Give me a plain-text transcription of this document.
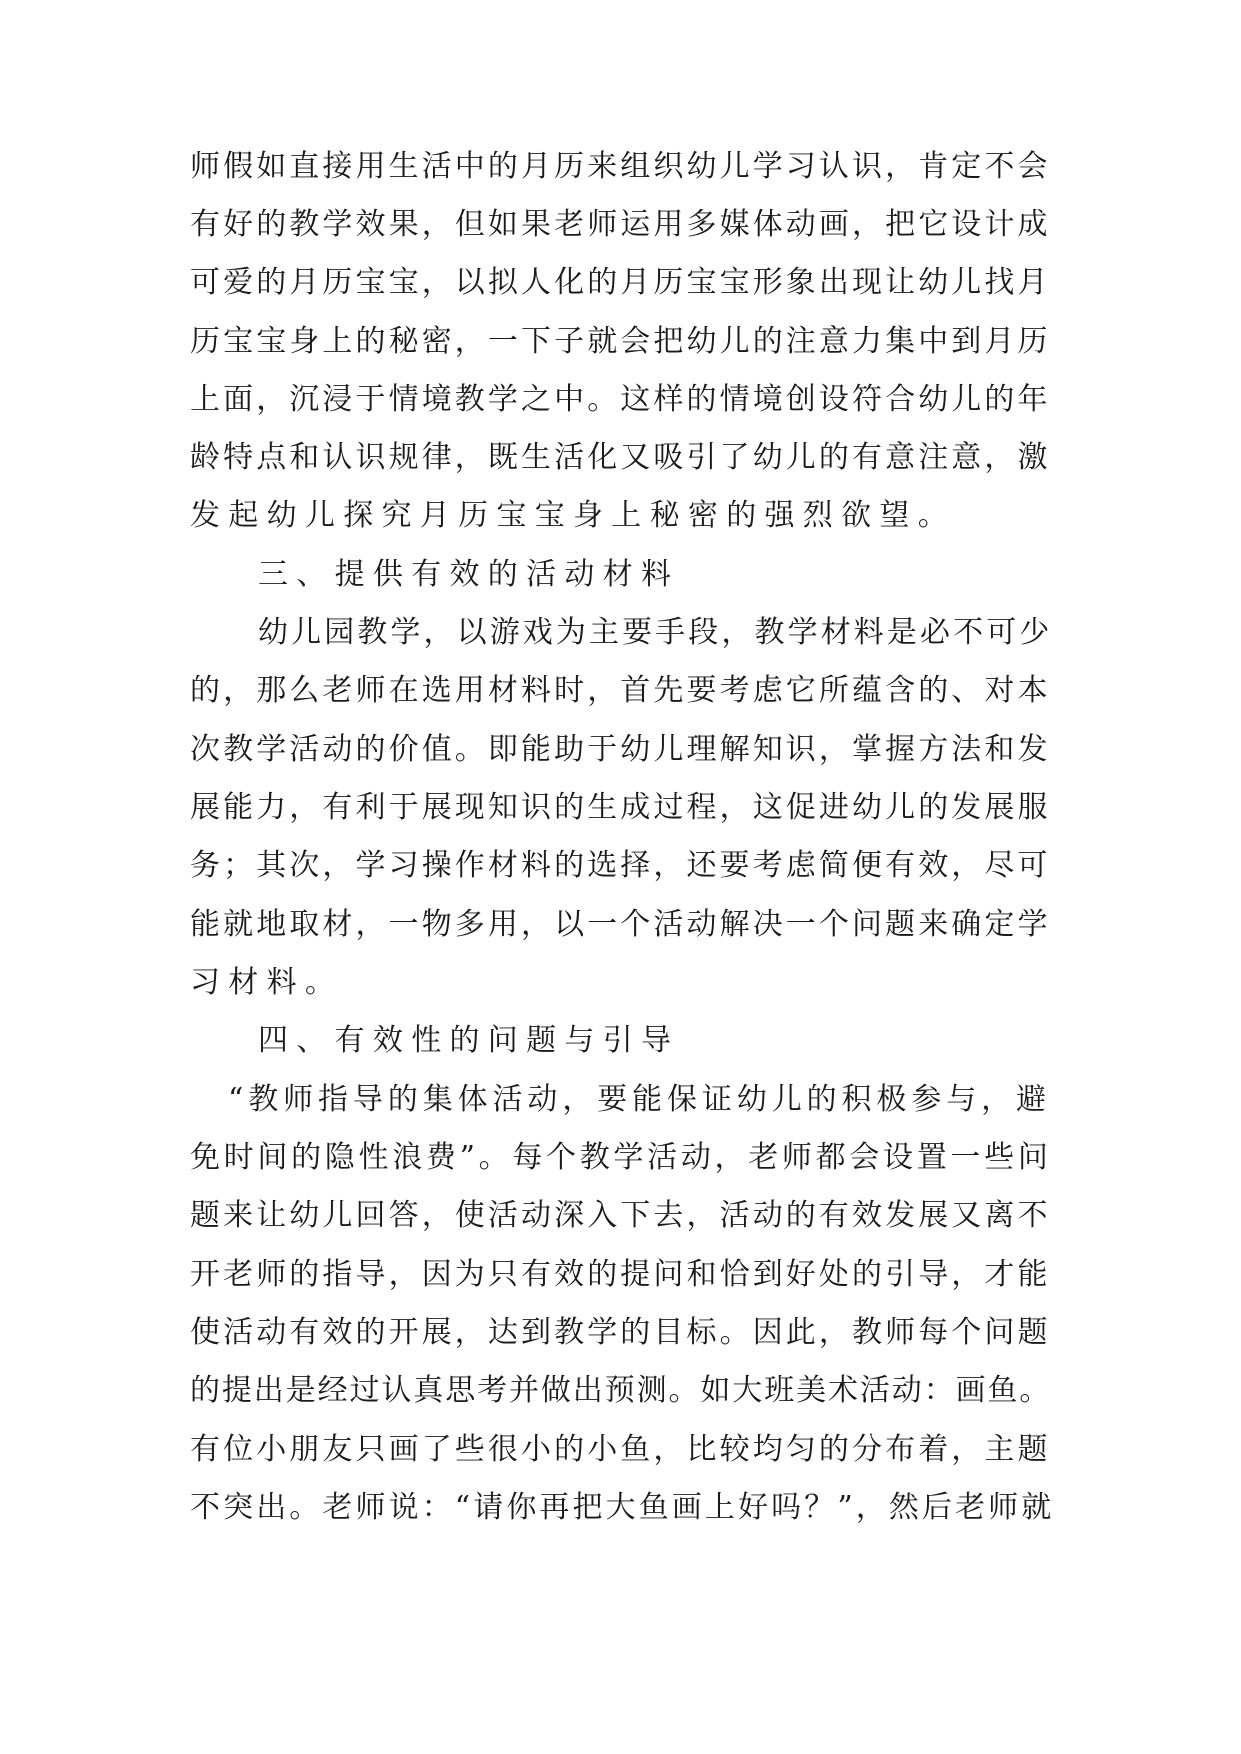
师假如直接用生活中的月历来组织幼儿学习认识，肯定不会
有好的教学效果，但如果老师运用多媒体动画，把它设计成
可爱的月历宝宝，以拟人化的月历宝宝形象出现让幼儿找月
历宝宝身上的秘密，一下子就会把幼儿的注意力集中到月历
上面，沉浸于情境教学之中。这样的情境创设符合幼儿的年
龄特点和认识规律，既生活化又吸引了幼儿的有意注意，激
发起幼儿探究月历宝宝身上秘密的强烈欲望。
三、提供有效的活动材料
幼儿园教学，以游戏为主要手段，教学材料是必不可少
的，那么老师在选用材料时，首先要考虑它所蕴含的、对本
次教学活动的价值。即能助于幼儿理解知识，掌握方法和发
展能力，有利于展现知识的生成过程，这促进幼儿的发展服
务；其次，学习操作材料的选择，还要考虑简便有效，尽可
能就地取材，一物多用，以一个活动解决一个问题来确定学
习材料。
四、有效性的问题与引导
“教师指导的集体活动，要能保证幼儿的积极参与，避
免时间的隐性浪费”。每个教学活动，老师都会设置一些问
题来让幼儿回答，使活动深入下去，活动的有效发展又离不
开老师的指导，因为只有效的提问和恰到好处的引导，才能
使活动有效的开展，达到教学的目标。因此，教师每个问题
的提出是经过认真思考并做出预测。如大班美术活动：画鱼。
有位小朋友只画了些很小的小鱼，比较均匀的分布着，主题
不突出。老师说：“请你再把大鱼画上好吗？”，然后老师就
